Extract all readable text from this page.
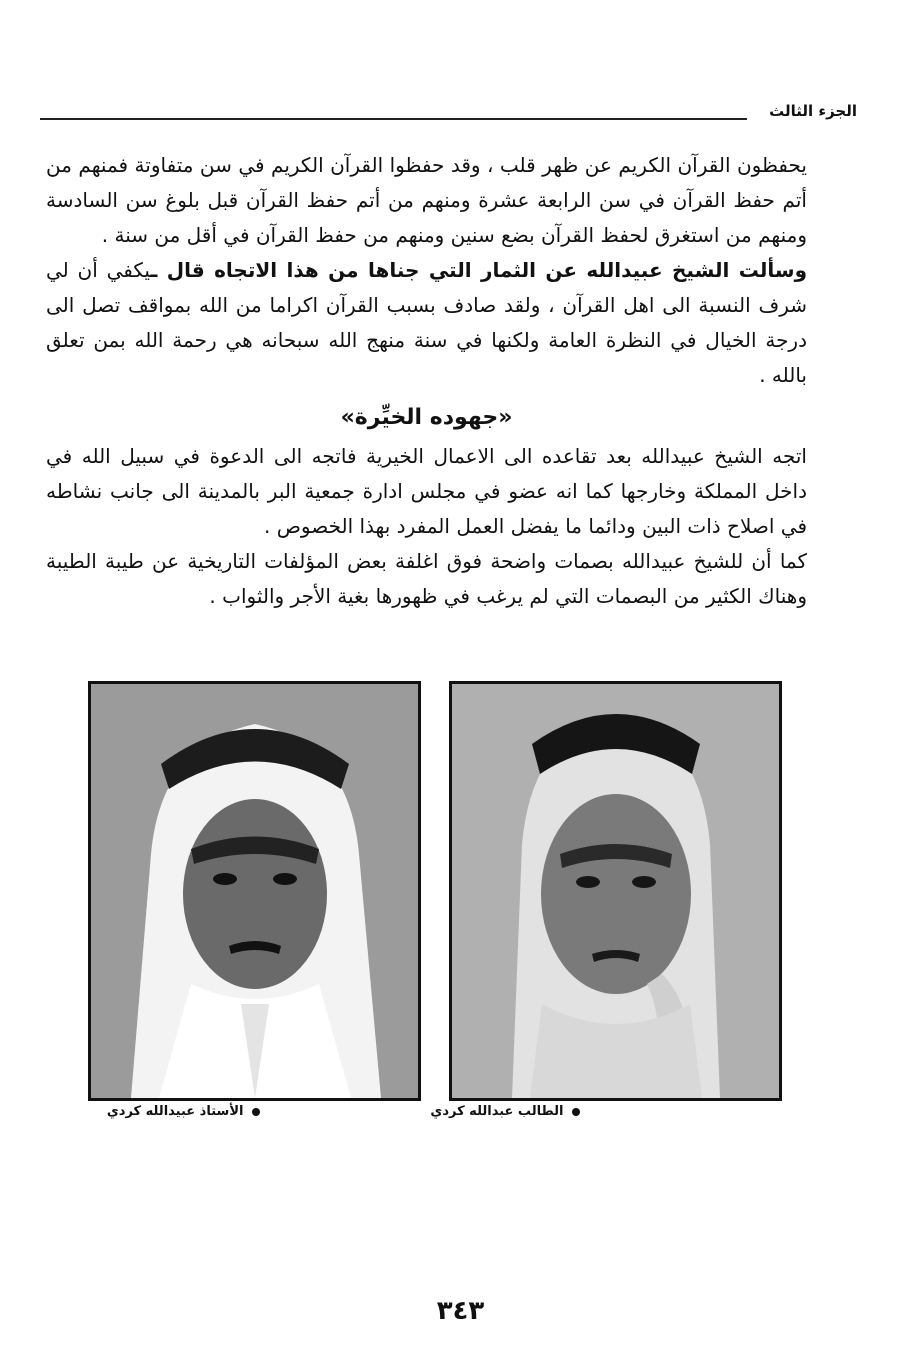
الجزء الثالث

يحفظون القرآن الكريم عن ظهر قلب ، وقد حفظوا القرآن الكريم في سن متفاوتة فمنهم من أتم حفظ القرآن في سن الرابعة عشرة ومنهم من أتم حفظ القرآن قبل بلوغ سن السادسة ومنهم من استغرق لحفظ القرآن بضع سنين ومنهم من حفظ القرآن في أقل من سنة .

وسألت الشيخ عبيدالله عن الثمار التي جناها من هذا الاتجاه قال ـيكفي أن لي شرف النسبة الى اهل القرآن ، ولقد صادف بسبب القرآن اكراما من الله بمواقف تصل الى درجة الخيال في النظرة العامة ولكنها في سنة منهج الله سبحانه هي رحمة الله بمن تعلق بالله .

«جهوده الخيِّرة»

اتجه الشيخ عبيدالله بعد تقاعده الى الاعمال الخيرية فاتجه الى الدعوة في سبيل الله في داخل المملكة وخارجها كما انه عضو في مجلس ادارة جمعية البر بالمدينة الى جانب نشاطه في اصلاح ذات البين ودائما ما يفضل العمل المفرد بهذا الخصوص .

كما أن للشيخ عبيدالله بصمات واضحة فوق اغلفة بعض المؤلفات التاريخية عن طيبة الطيبة وهناك الكثير من البصمات التي لم يرغب في ظهورها بغية الأجر والثواب .

الأستاذ عبيدالله كردي	الطالب عبدالله كردي
٣٤٣
